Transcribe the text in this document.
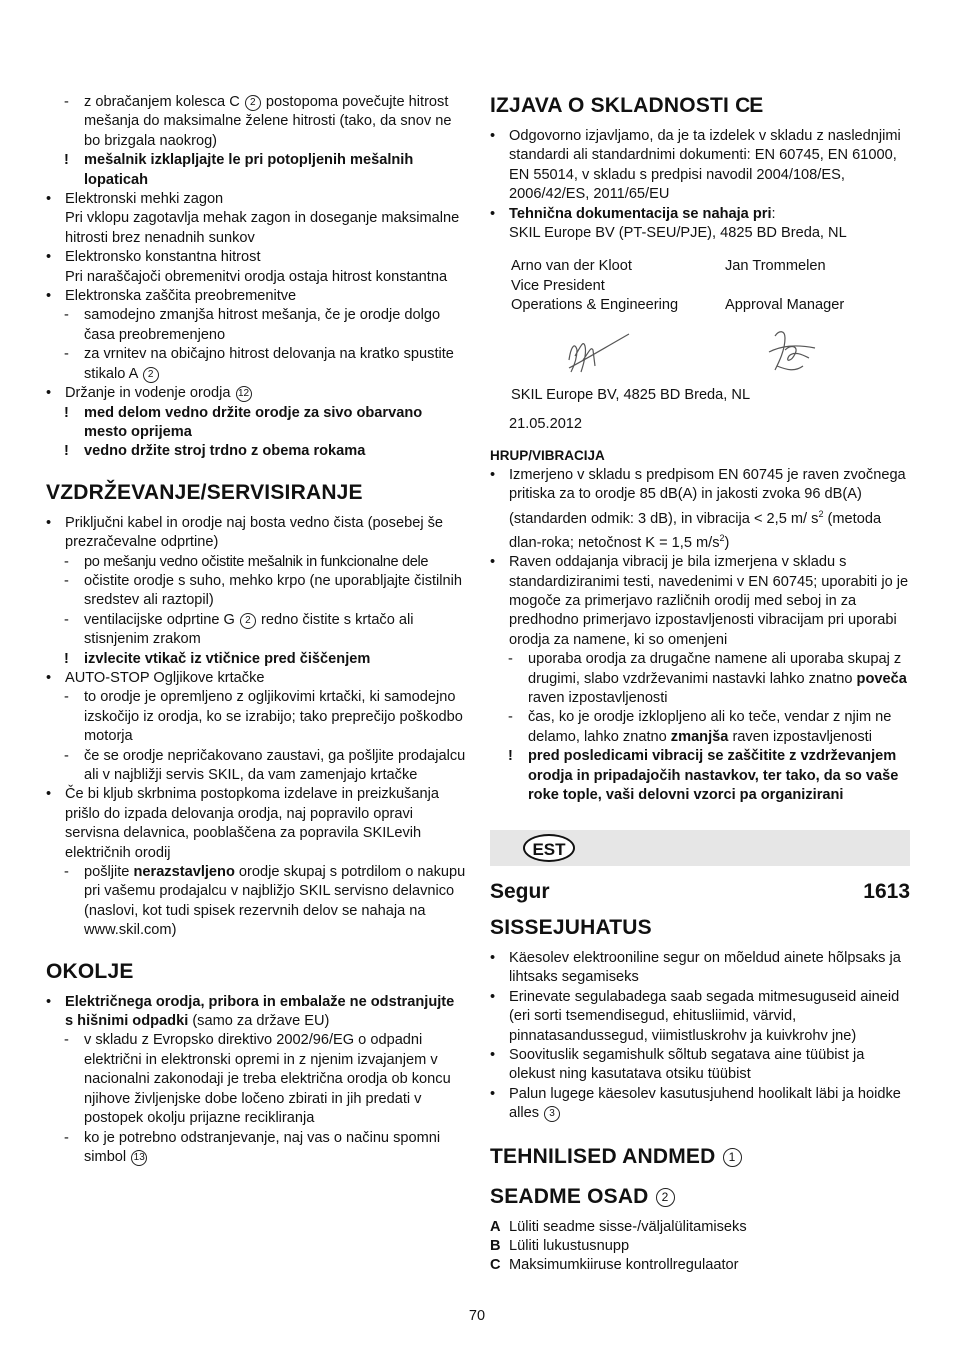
- z obračanjem kolesca C 2 postopoma povečujte hitrost mešanja do maksimalne želene hitrosti (tako, da snov ne bo brizgala naokrog)
! mešalnik izklapljajte le pri potopljenih mešalnih lopaticah
• Elektronski mehki zagon
Pri vklopu zagotavlja mehak zagon in doseganje maksimalne hitrosti brez nenadnih sunkov
• Elektronsko konstantna hitrost
Pri naraščajoči obremenitvi orodja ostaja hitrost konstantna
• Elektronska zaščita preobremenitve
- samodejno zmanjša hitrost mešanja, če je orodje dolgo časa preobremenjeno
- za vrnitev na običajno hitrost delovanja na kratko spustite stikalo A 2
• Držanje in vodenje orodja 12
! med delom vedno držite orodje za sivo obarvano mesto oprijema
! vedno držite stroj trdno z obema rokama
VZDRŽEVANJE/SERVISIRANJE
• Priključni kabel in orodje naj bosta vedno čista (posebej še prezračevalne odprtine)
- po mešanju vedno očistite mešalnik in funkcionalne dele
- očistite orodje s suho, mehko krpo (ne uporabljajte čistilnih sredstev ali raztopil)
- ventilacijske odprtine G 2 redno čistite s krtačo ali stisnjenim zrakom
! izvlecite vtikač iz vtičnice pred čiščenjem
• AUTO-STOP Ogljikove krtačke
- to orodje je opremljeno z ogljikovimi krtački, ki samodejno izskočijo iz orodja, ko se izrabijo; tako preprečijo poškodbo motorja
- če se orodje nepričakovano zaustavi, ga pošljite prodajalcu ali v najbližji servis SKIL, da vam zamenjajo krtačke
• Če bi kljub skrbnima postopkoma izdelave in preizkušanja prišlo do izpada delovanja orodja, naj popravilo opravi servisna delavnica, pooblaščena za popravila SKILevih električnih orodij
- pošljite nerazstavljeno orodje skupaj s potrdilom o nakupu pri vašemu prodajalcu v najbližjo SKIL servisno delavnico (naslovi, kot tudi spisek rezervnih delov se nahaja na www.skil.com)
OKOLJE
• Električnega orodja, pribora in embalaže ne odstranjujte s hišnimi odpadki (samo za države EU)
- v skladu z Evropsko direktivo 2002/96/EG o odpadni električni in elektronski opremi in z njenim izvajanjem v nacionalni zakonodaji je treba električna orodja ob koncu njihove življenjske dobe ločeno zbirati in jih predati v postopek okolju prijazne recikliranja
- ko je potrebno odstranjevanje, naj vas o načinu spomni simbol 13
IZJAVA O SKLADNOSTI CE
• Odgovorno izjavljamo, da je ta izdelek v skladu z naslednjimi standardi ali standardnimi dokumenti: EN 60745, EN 61000, EN 55014, v skladu s predpisi navodil 2004/108/ES, 2006/42/ES, 2011/65/EU
• Tehnična dokumentacija se nahaja pri:
SKIL Europe BV (PT-SEU/PJE), 4825 BD Breda, NL
Arno van der Kloot
Vice President
Operations & Engineering
Jan Trommelen

Approval Manager
SKIL Europe BV, 4825 BD Breda, NL
21.05.2012
HRUP/VIBRACIJA
• Izmerjeno v skladu s predpisom EN 60745 je raven zvočnega pritiska za to orodje 85 dB(A) in jakosti zvoka 96 dB(A) (standarden odmik: 3 dB), in vibracija < 2,5 m/ $s^2$ (metoda dlan-roka; netočnost K = 1,5 $m/s^2$)
• Raven oddajanja vibracij je bila izmerjena v skladu s standardiziranimi testi, navedenimi v EN 60745; uporabiti jo je mogoče za primerjavo različnih orodij med seboj in za predhodno primerjavo izpostavljenosti vibracijam pri uporabi orodja za namene, ki so omenjeni
- uporaba orodja za drugačne namene ali uporaba skupaj z drugimi, slabo vzdrževanimi nastavki lahko znatno poveča raven izpostavljenosti
- čas, ko je orodje izklopljeno ali ko teče, vendar z njim ne delamo, lahko znatno zmanjša raven izpostavljenosti
! pred posledicami vibracij se zaščitite z vzdrževanjem orodja in pripadajočih nastavkov, ter tako, da so vaše roke tople, vaši delovni vzorci pa organizirani
EST
Segur	1613
SISSEJUHATUS
• Käesolev elektrooniline segur on mõeldud ainete hõlpsaks ja lihtsaks segamiseks
• Erinevate segulabadega saab segada mitmesuguseid aineid (eri sorti tsemendisegud, ehitusliimid, värvid, pinnatasandussegud, viimistluskrohv ja kuivkrohv jne)
• Soovituslik segamishulk sõltub segatava aine tüübist ja olekust ning kasutatava otsiku tüübist
• Palun lugege käesolev kasutusjuhend hoolikalt läbi ja hoidke alles 3
TEHNILISED ANDMED 1
SEADME OSAD 2
A Lüliti seadme sisse-/väljalülitamiseks
B Lüliti lukustusnupp
C Maksimumkiiruse kontrollregulaator
70
